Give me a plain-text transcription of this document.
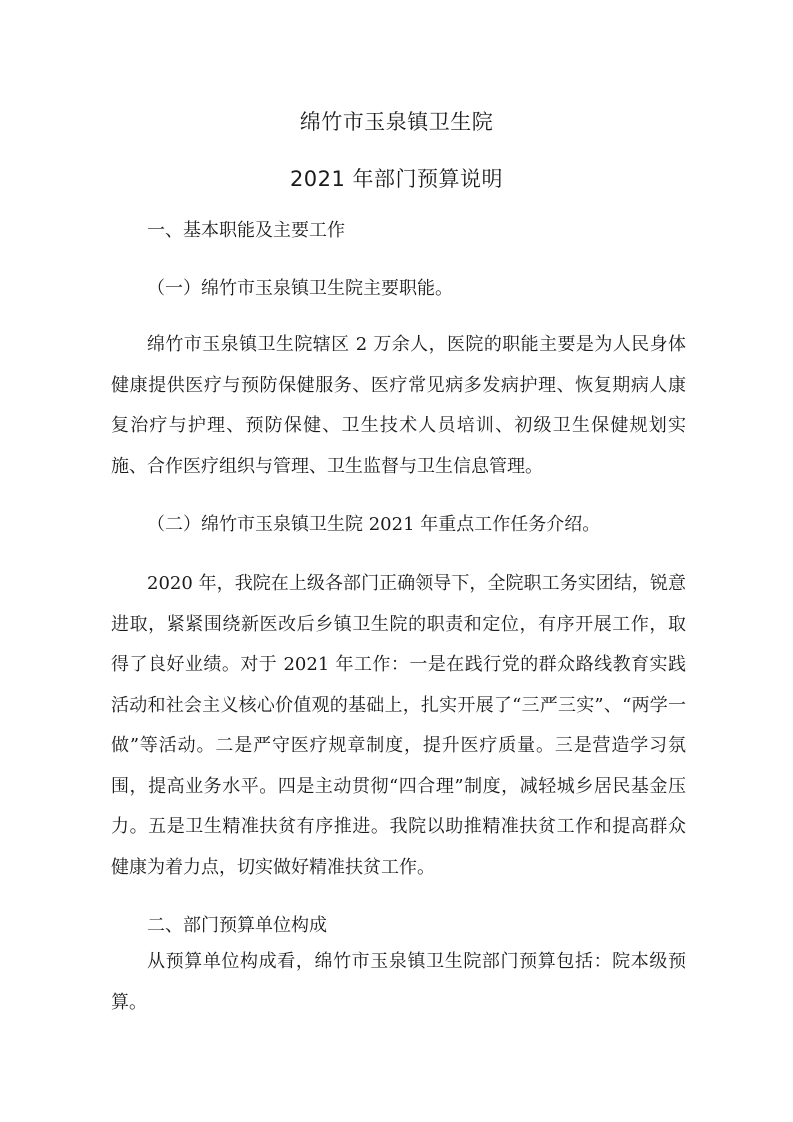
绵竹市玉泉镇卫生院
2021 年部门预算说明
一、基本职能及主要工作
（一）绵竹市玉泉镇卫生院主要职能。
绵竹市玉泉镇卫生院辖区 2 万余人，医院的职能主要是为人民身体健康提供医疗与预防保健服务、医疗常见病多发病护理、恢复期病人康复治疗与护理、预防保健、卫生技术人员培训、初级卫生保健规划实施、合作医疗组织与管理、卫生监督与卫生信息管理。
（二）绵竹市玉泉镇卫生院 2021 年重点工作任务介绍。
2020 年，我院在上级各部门正确领导下，全院职工务实团结，锐意进取，紧紧围绕新医改后乡镇卫生院的职责和定位，有序开展工作，取得了良好业绩。对于 2021 年工作：一是在践行党的群众路线教育实践活动和社会主义核心价值观的基础上，扎实开展了“三严三实”、“两学一做”等活动。二是严守医疗规章制度，提升医疗质量。三是营造学习氛围，提高业务水平。四是主动贯彻“四合理”制度，减轻城乡居民基金压力。五是卫生精准扶贫有序推进。我院以助推精准扶贫工作和提高群众健康为着力点，切实做好精准扶贫工作。
二、部门预算单位构成
从预算单位构成看，绵竹市玉泉镇卫生院部门预算包括：院本级预算。
